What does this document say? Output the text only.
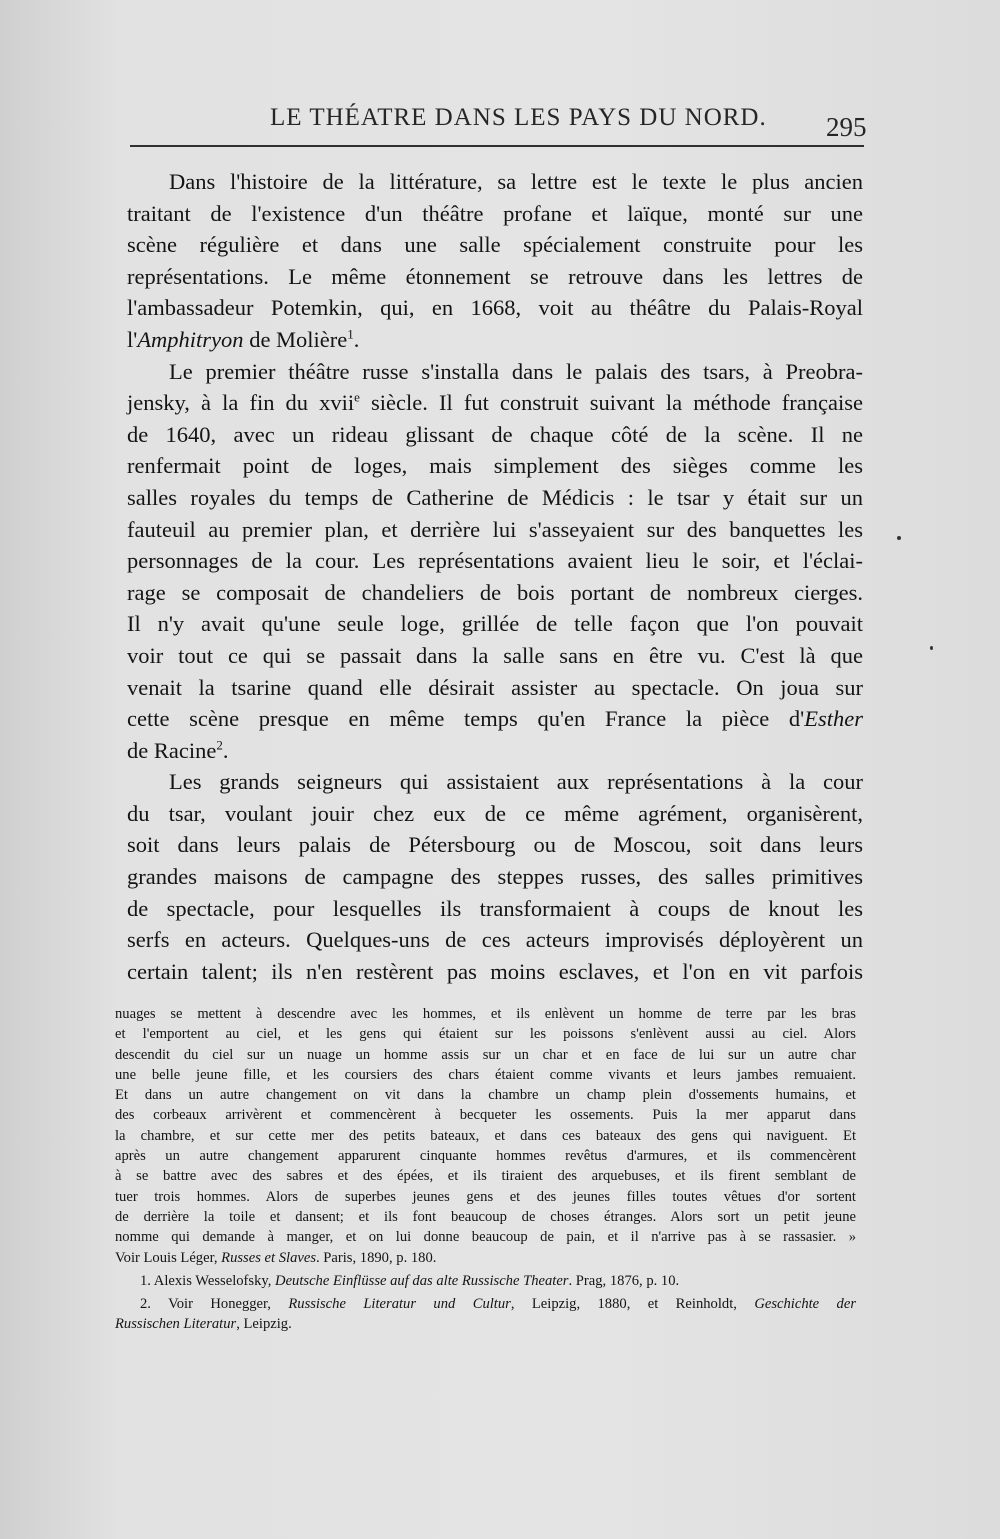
LE THÉATRE DANS LES PAYS DU NORD. 295
Dans l'histoire de la littérature, sa lettre est le texte le plus ancien
traitant de l'existence d'un théâtre profane et laïque, monté sur une
scène régulière et dans une salle spécialement construite pour les
représentations. Le même étonnement se retrouve dans les lettres de
l'ambassadeur Potemkin, qui, en 1668, voit au théâtre du Palais-Royal
l'Amphitryon de Molière$^1$.
Le premier théâtre russe s'installa dans le palais des tsars, à Preobra-
jensky, à la fin du xvii$^e$ siècle. Il fut construit suivant la méthode française
de 1640, avec un rideau glissant de chaque côté de la scène. Il ne
renfermait point de loges, mais simplement des sièges comme les
salles royales du temps de Catherine de Médicis : le tsar y était sur un
fauteuil au premier plan, et derrière lui s'asseyaient sur des banquettes les
personnages de la cour. Les représentations avaient lieu le soir, et l'éclai-
rage se composait de chandeliers de bois portant de nombreux cierges.
Il n'y avait qu'une seule loge, grillée de telle façon que l'on pouvait
voir tout ce qui se passait dans la salle sans en être vu. C'est là que
venait la tsarine quand elle désirait assister au spectacle. On joua sur
cette scène presque en même temps qu'en France la pièce d'Esther
de Racine$^2$.
Les grands seigneurs qui assistaient aux représentations à la cour
du tsar, voulant jouir chez eux de ce même agrément, organisèrent,
soit dans leurs palais de Pétersbourg ou de Moscou, soit dans leurs
grandes maisons de campagne des steppes russes, des salles primitives
de spectacle, pour lesquelles ils transformaient à coups de knout les
serfs en acteurs. Quelques-uns de ces acteurs improvisés déployèrent un
certain talent; ils n'en restèrent pas moins esclaves, et l'on en vit parfois
nuages se mettent à descendre avec les hommes, et ils enlèvent un homme de terre par les bras
et l'emportent au ciel, et les gens qui étaient sur les poissons s'enlèvent aussi au ciel. Alors
descendit du ciel sur un nuage un homme assis sur un char et en face de lui sur un autre char
une belle jeune fille, et les coursiers des chars étaient comme vivants et leurs jambes remuaient.
Et dans un autre changement on vit dans la chambre un champ plein d'ossements humains, et
des corbeaux arrivèrent et commencèrent à becqueter les ossements. Puis la mer apparut dans
la chambre, et sur cette mer des petits bateaux, et dans ces bateaux des gens qui naviguent. Et
après un autre changement apparurent cinquante hommes revêtus d'armures, et ils commencèrent
à se battre avec des sabres et des épées, et ils tiraient des arquebuses, et ils firent semblant de
tuer trois hommes. Alors de superbes jeunes gens et des jeunes filles toutes vêtues d'or sortent
de derrière la toile et dansent; et ils font beaucoup de choses étranges. Alors sort un petit jeune
nomme qui demande à manger, et on lui donne beaucoup de pain, et il n'arrive pas à se rassasier. »
Voir Louis Léger, Russes et Slaves. Paris, 1890, p. 180.
1. Alexis Wesselofsky, Deutsche Einflüsse auf das alte Russische Theater. Prag, 1876, p. 10.
2. Voir Honegger, Russische Literatur und Cultur, Leipzig, 1880, et Reinholdt, Geschichte der
Russischen Literatur, Leipzig.
